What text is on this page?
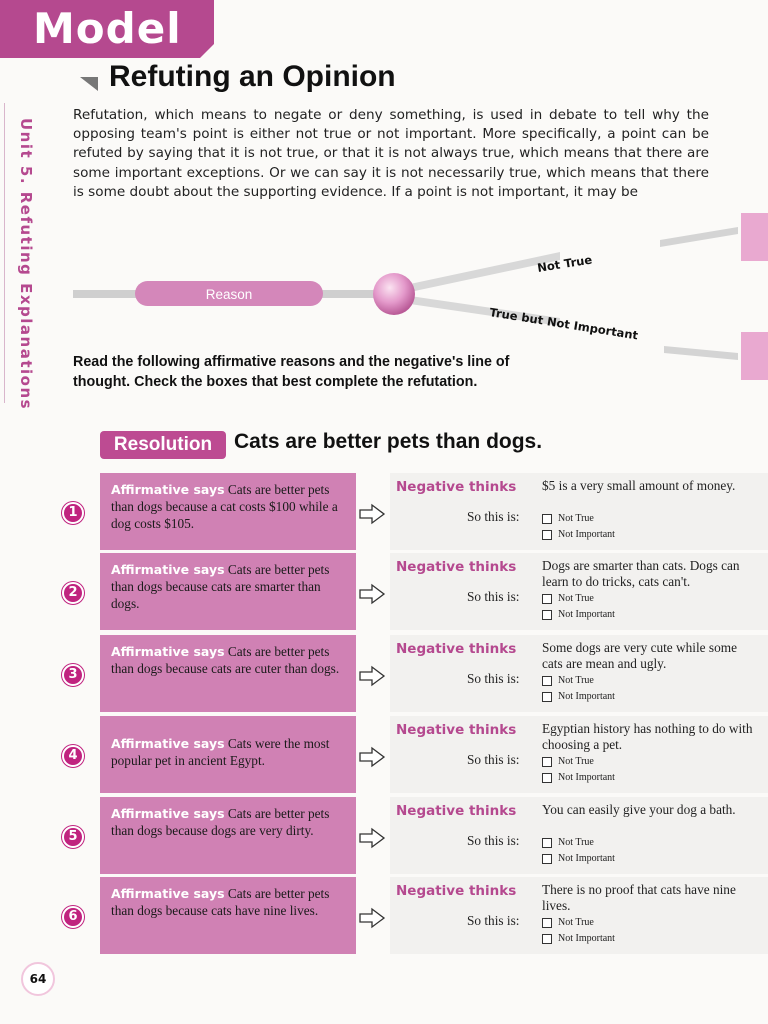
Model
Unit 5. Refuting Explanations
Refuting an Opinion
Refutation, which means to negate or deny something, is used in debate to tell why the opposing team's point is either not true or not important. More specifically, a point can be refuted by saying that it is not true, or that it is not always true, which means that there are some important exceptions. Or we can say it is not necessarily true, which means that there is some doubt about the supporting evidence. If a point is not important, it may be
Reason
Not True
True but Not Important
Read the following affirmative reasons and the negative's line of thought. Check the boxes that best complete the refutation.
Resolution	Cats are better pets than dogs.
1
Affirmative says Cats are better pets than dogs because a cat costs $100 while a dog costs $105.
Negative thinks $5 is a very small amount of money.
So this is:	Not True
Not Important
2
Affirmative says Cats are better pets than dogs because cats are smarter than dogs.
Negative thinks Dogs are smarter than cats. Dogs can learn to do tricks, cats can't.
So this is:	Not True
Not Important
3
Affirmative says Cats are better pets than dogs because cats are cuter than dogs.
Negative thinks Some dogs are very cute while some cats are mean and ugly.
So this is:	Not True
Not Important
4
Affirmative says Cats were the most popular pet in ancient Egypt.
Negative thinks Egyptian history has nothing to do with choosing a pet.
So this is:	Not True
Not Important
5
Affirmative says Cats are better pets than dogs because dogs are very dirty.
Negative thinks You can easily give your dog a bath.
So this is:	Not True
Not Important
6
Affirmative says Cats are better pets than dogs because cats have nine lives.
Negative thinks There is no proof that cats have nine lives.
So this is:	Not True
Not Important
64
